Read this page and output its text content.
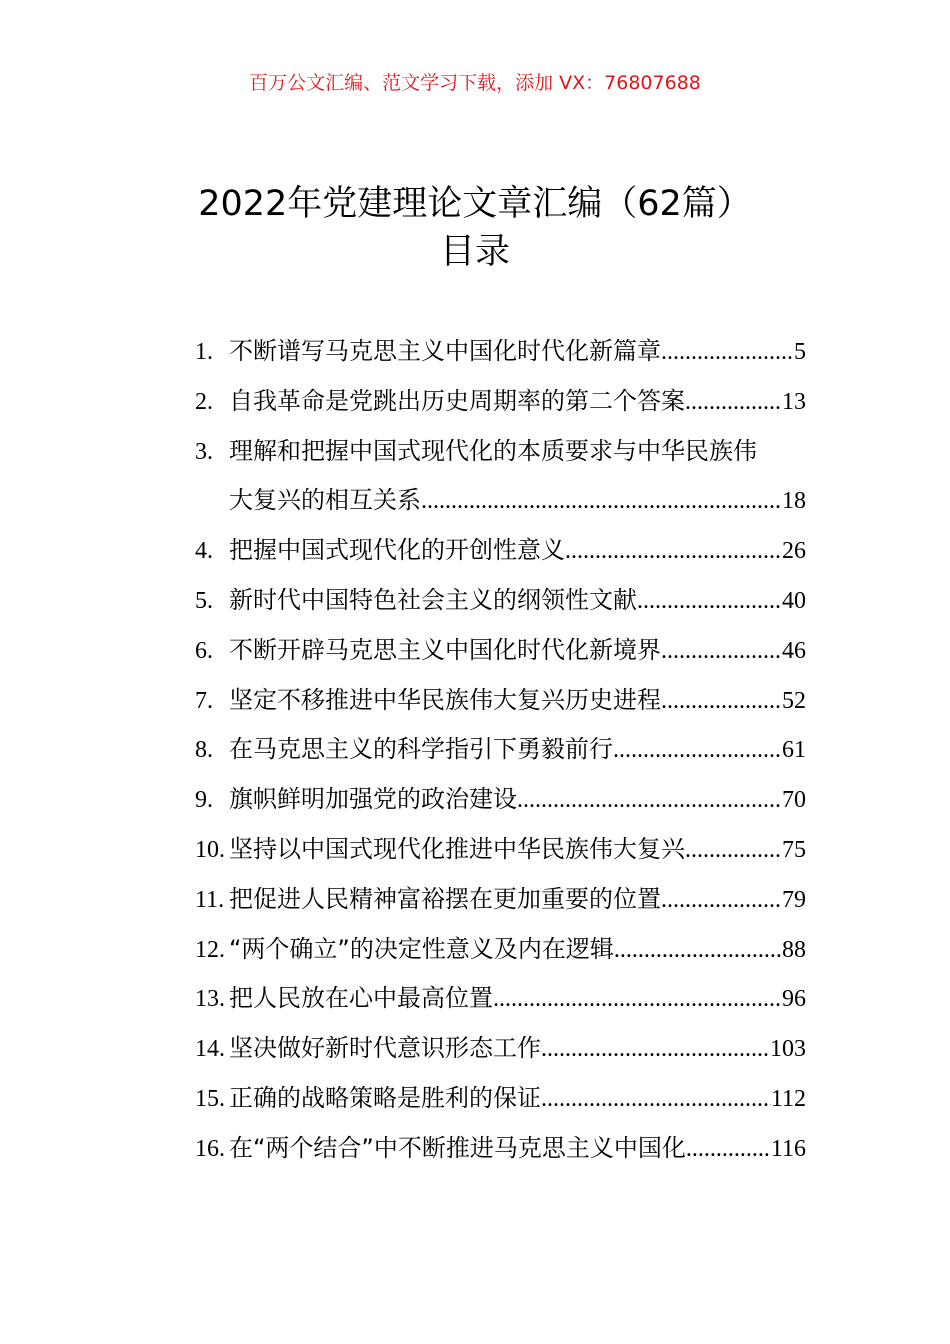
百万公文汇编、范文学习下载，添加 VX：76807688
2022年党建理论文章汇编（62篇）
目录
1. 不断谱写马克思主义中国化时代化新篇章 .....	5
2. 自我革命是党跳出历史周期率的第二个答案 .....	13
3. 理解和把握中国式现代化的本质要求与中华民族伟
大复兴的相互关系 .....	18
4. 把握中国式现代化的开创性意义 .....	26
5. 新时代中国特色社会主义的纲领性文献 .....	40
6. 不断开辟马克思主义中国化时代化新境界 .....	46
7. 坚定不移推进中华民族伟大复兴历史进程 .....	52
8. 在马克思主义的科学指引下勇毅前行 .....	61
9. 旗帜鲜明加强党的政治建设 .....	70
10. 坚持以中国式现代化推进中华民族伟大复兴 .....	75
11. 把促进人民精神富裕摆在更加重要的位置 .....	79
12. “两个确立”的决定性意义及内在逻辑 .....	88
13. 把人民放在心中最高位置 .....	96
14. 坚决做好新时代意识形态工作 .....	103
15. 正确的战略策略是胜利的保证 .....	112
16. 在“两个结合”中不断推进马克思主义中国化 .....	116
